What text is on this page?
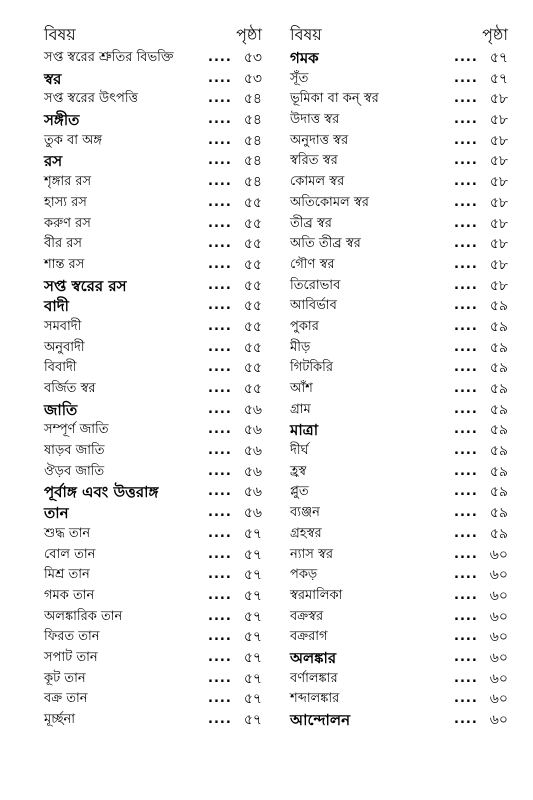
বিষয়	পৃষ্ঠা
সপ্ত স্বরের শ্রুতির বিভক্তি	.... ৫৩
স্বর	.... ৫৩
সপ্ত স্বরের উৎপত্তি	.... ৫৪
সঙ্গীত	.... ৫৪
তুক বা অঙ্গ	.... ৫৪
রস	.... ৫৪
শৃঙ্গার রস	.... ৫৪
হাস্য রস	.... ৫৫
করুণ রস	.... ৫৫
বীর রস	.... ৫৫
শান্ত রস	.... ৫৫
সপ্ত স্বরের রস	.... ৫৫
বাদী	.... ৫৫
সমবাদী	.... ৫৫
অনুবাদী	.... ৫৫
বিবাদী	.... ৫৫
বর্জিত স্বর	.... ৫৫
জাতি	.... ৫৬
সম্পূর্ণ জাতি	.... ৫৬
ষাড়ব জাতি	.... ৫৬
ঔড়ব জাতি	.... ৫৬
পূর্বাঙ্গ এবং উত্তরাঙ্গ	.... ৫৬
তান	.... ৫৬
শুদ্ধ তান	.... ৫৭
বোল তান	.... ৫৭
মিশ্র তান	.... ৫৭
গমক তান	.... ৫৭
অলঙ্কারিক তান	.... ৫৭
ফিরত তান	.... ৫৭
সপাট তান	.... ৫৭
কূট তান	.... ৫৭
বক্র তান	.... ৫৭
মূর্চ্ছনা	.... ৫৭
বিষয়	পৃষ্ঠা
গমক	.... ৫৭
সূঁত	.... ৫৭
ভূমিকা বা কন্ স্বর	.... ৫৮
উদাত্ত স্বর	.... ৫৮
অনুদাত্ত স্বর	.... ৫৮
স্বরিত স্বর	.... ৫৮
কোমল স্বর	.... ৫৮
অতিকোমল স্বর	.... ৫৮
তীব্র স্বর	.... ৫৮
অতি তীব্র স্বর	.... ৫৮
গৌণ স্বর	.... ৫৮
তিরোভাব	.... ৫৮
আবির্ভাব	.... ৫৯
পুকার	.... ৫৯
মীড়	.... ৫৯
গিটকিরি	.... ৫৯
আঁশ	.... ৫৯
গ্রাম	.... ৫৯
মাত্রা	.... ৫৯
দীর্ঘ	.... ৫৯
হ্রস্ব	.... ৫৯
প্লুত	.... ৫৯
ব্যঞ্জন	.... ৫৯
গ্রহস্বর	.... ৫৯
ন্যাস স্বর	.... ৬০
পকড়	.... ৬০
স্বরমালিকা	.... ৬০
বক্রস্বর	.... ৬০
বক্ররাগ	.... ৬০
অলঙ্কার	.... ৬০
বর্ণালঙ্কার	.... ৬০
শব্দালঙ্কার	.... ৬০
আন্দোলন	.... ৬০
